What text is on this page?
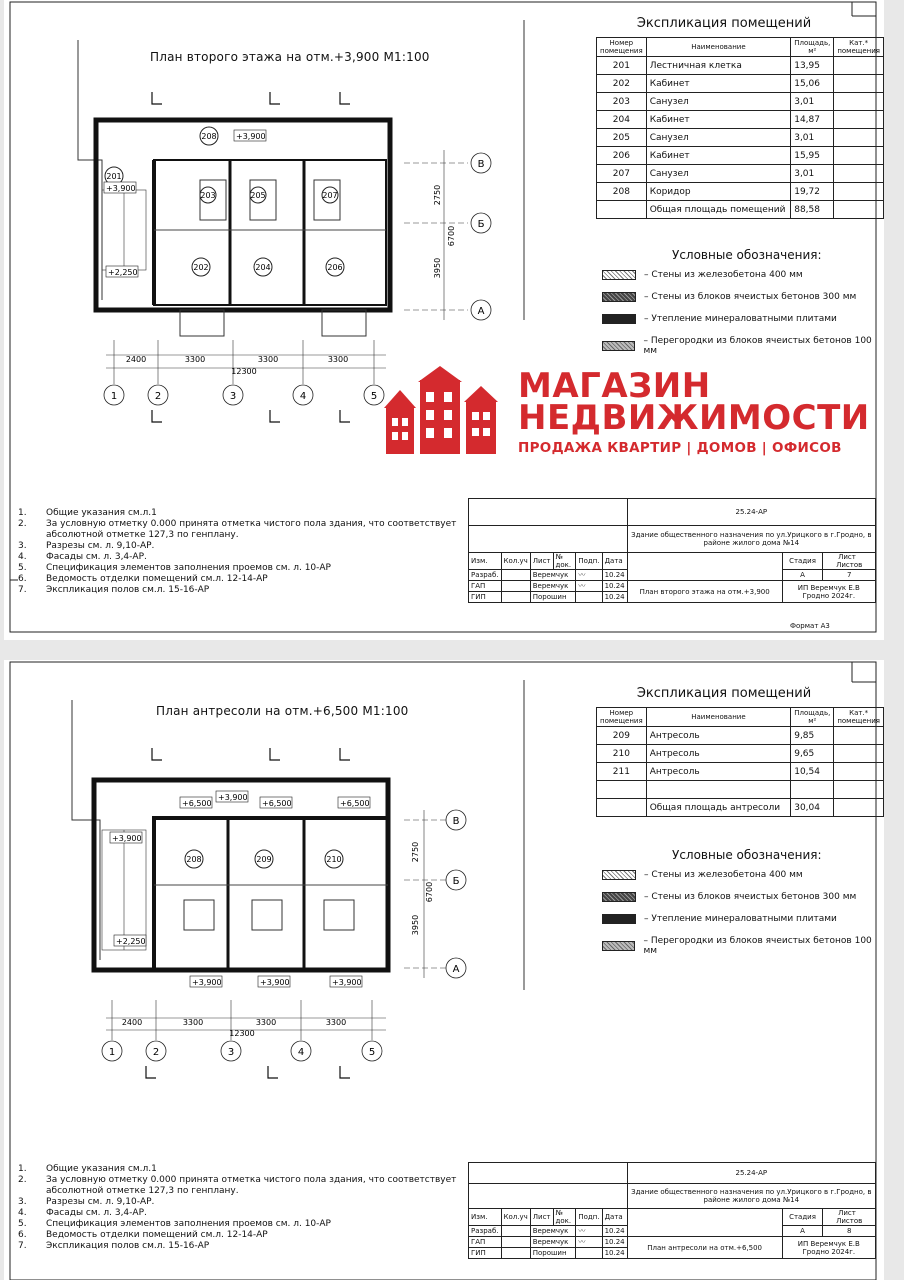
1	2	3	4	5
В
Б
А
2400	3300	3300	3300
12300
2750
3950
6700
201
202
203
204
205
206
207
208 +3,900
+3,900
+2,250
План второго этажа на отм.+3,900 М1:100
Экспликация помещений
Номер помещения	Наименование	Площадь, м²	Кат.* помещения
201	Лестничная клетка	13,95	
202	Кабинет	15,06	
203	Санузел	3,01	
204	Кабинет	14,87	
205	Санузел	3,01	
206	Кабинет	15,95	
207	Санузел	3,01	
208	Коридор	19,72	
	Общая площадь помещений	88,58	
Условные обозначения:
– Стены из железобетона 400 мм
– Стены из блоков ячеистых бетонов 300 мм
– Утепление минераловатными плитами
– Перегородки из блоков ячеистых бетонов 100 мм
1. Общие указания см.л.1
2. За условную отметку 0.000 принята отметка чистого пола здания, что соответствует
абсолютной отметке 127,3 по генплану.
3. Разрезы см. л. 9,10-АР.
4. Фасады см. л. 3,4-АР.
5. Спецификация элементов заполнения проемов см. л. 10-АР
6. Ведомость отделки помещений см.л. 12-14-АР
7. Экспликация полов см.л. 15-16-АР
						25.24-АР		
						Здание общественного назначения по ул.Урицкого в г.Гродно, в районе жилого дома №14		
Изм.	Кол.уч	Лист	№ док.	Подп.	Дата		Стадия	Лист   Листов
Разраб.		Веремчук		〰	10.24		А	7
ГАП		Веремчук		〰	10.24	План второго этажа на отм.+3,900	ИП Веремчук Е.В Гродно 2024г.	
ГИП		Порошин			10.24			
Формат А3
МАГАЗИН
НЕДВИЖИМОСТИ
ПРОДАЖА КВАРТИР | ДОМОВ | ОФИСОВ
1	2	3	4	5
В
Б
А
2400	3300	3300	3300
12300
2750
3950
6700
208	209	210
+6,500
+3,900
+6,500	+6,500
+3,900
+2,250
+3,900	+3,900	+3,900
План антресоли на отм.+6,500 М1:100
Экспликация помещений
Номер помещения	Наименование	Площадь, м²	Кат.* помещения
209	Антресоль	9,85	
210	Антресоль	9,65	
211	Антресоль	10,54	

	Общая площадь антресоли	30,04	
Условные обозначения:
– Стены из железобетона 400 мм
– Стены из блоков ячеистых бетонов 300 мм
– Утепление минераловатными плитами
– Перегородки из блоков ячеистых бетонов 100 мм
1. Общие указания см.л.1
2. За условную отметку 0.000 принята отметка чистого пола здания, что соответствует
абсолютной отметке 127,3 по генплану.
3. Разрезы см. л. 9,10-АР.
4. Фасады см. л. 3,4-АР.
5. Спецификация элементов заполнения проемов см. л. 10-АР
6. Ведомость отделки помещений см.л. 12-14-АР
7. Экспликация полов см.л. 15-16-АР
						25.24-АР		
						Здание общественного назначения по ул.Урицкого в г.Гродно, в районе жилого дома №14		
Изм.	Кол.уч	Лист	№ док.	Подп.	Дата		Стадия	Лист   Листов
Разраб.		Веремчук		〰	10.24		А	8
ГАП		Веремчук		〰	10.24	План антресоли на отм.+6,500	ИП Веремчук Е.В Гродно 2024г.	
ГИП		Порошин			10.24			
